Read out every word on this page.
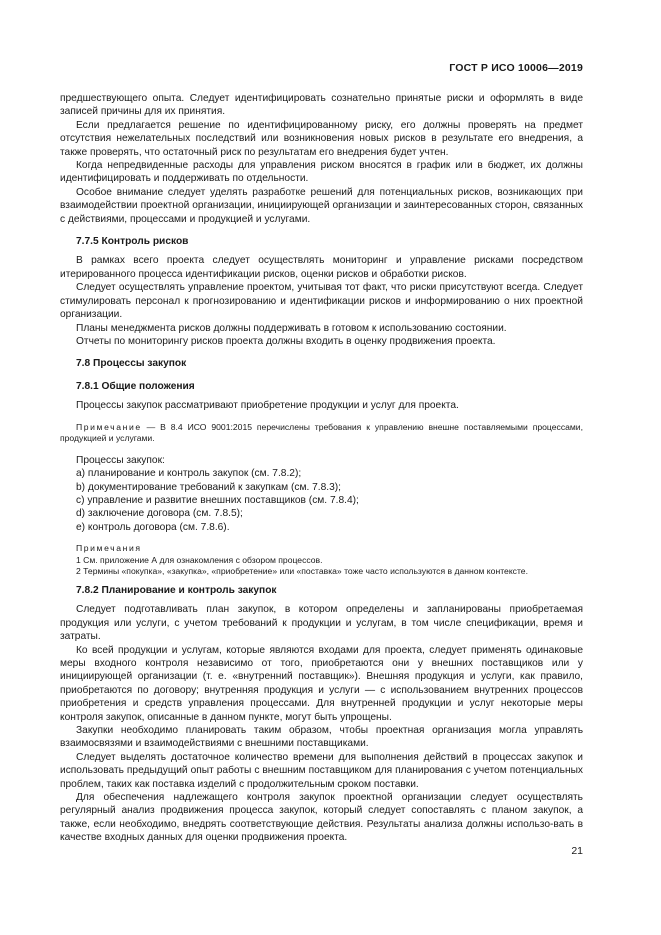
ГОСТ Р ИСО 10006—2019

предшествующего опыта. Следует идентифицировать сознательно принятые риски и оформлять в виде записей причины для их принятия.

Если предлагается решение по идентифицированному риску, его должны проверять на предмет отсутствия нежелательных последствий или возникновения новых рисков в результате его внедрения, а также проверять, что остаточный риск по результатам его внедрения будет учтен.

Когда непредвиденные расходы для управления риском вносятся в график или в бюджет, их должны идентифицировать и поддерживать по отдельности.

Особое внимание следует уделять разработке решений для потенциальных рисков, возникающих при взаимодействии проектной организации, инициирующей организации и заинтересованных сторон, связанных с действиями, процессами и продукцией и услугами.

7.7.5 Контроль рисков

В рамках всего проекта следует осуществлять мониторинг и управление рисками посредством итерированного процесса идентификации рисков, оценки рисков и обработки рисков.

Следует осуществлять управление проектом, учитывая тот факт, что риски присутствуют всегда. Следует стимулировать персонал к прогнозированию и идентификации рисков и информированию о них проектной организации.

Планы менеджмента рисков должны поддерживать в готовом к использованию состоянии.

Отчеты по мониторингу рисков проекта должны входить в оценку продвижения проекта.

7.8 Процессы закупок

7.8.1 Общие положения

Процессы закупок рассматривают приобретение продукции и услуг для проекта.

Примечание — В 8.4 ИСО 9001:2015 перечислены требования к управлению внешне поставляемыми процессами, продукцией и услугами.

Процессы закупок:

a) планирование и контроль закупок (см. 7.8.2);

b) документирование требований к закупкам (см. 7.8.3);

c) управление и развитие внешних поставщиков (см. 7.8.4);

d) заключение договора (см. 7.8.5);

e) контроль договора (см. 7.8.6).

Примечания

1 См. приложение А для ознакомления с обзором процессов.

2 Термины «покупка», «закупка», «приобретение» или «поставка» тоже часто используются в данном контексте.

7.8.2 Планирование и контроль закупок

Следует подготавливать план закупок, в котором определены и запланированы приобретаемая продукция или услуги, с учетом требований к продукции и услугам, в том числе спецификации, время и затраты.

Ко всей продукции и услугам, которые являются входами для проекта, следует применять одинаковые меры входного контроля независимо от того, приобретаются они у внешних поставщиков или у инициирующей организации (т. е. «внутренний поставщик»). Внешняя продукция и услуги, как правило, приобретаются по договору; внутренняя продукция и услуги — с использованием внутренних процессов приобретения и средств управления процессами. Для внутренней продукции и услуг некоторые меры контроля закупок, описанные в данном пункте, могут быть упрощены.

Закупки необходимо планировать таким образом, чтобы проектная организация могла управлять взаимосвязями и взаимодействиями с внешними поставщиками.

Следует выделять достаточное количество времени для выполнения действий в процессах закупок и использовать предыдущий опыт работы с внешним поставщиком для планирования с учетом потенциальных проблем, таких как поставка изделий с продолжительным сроком поставки.

Для обеспечения надлежащего контроля закупок проектной организации следует осуществлять регулярный анализ продвижения процесса закупок, который следует сопоставлять с планом закупок, а также, если необходимо, внедрять соответствующие действия. Результаты анализа должны использо-вать в качестве входных данных для оценки продвижения проекта.

21
